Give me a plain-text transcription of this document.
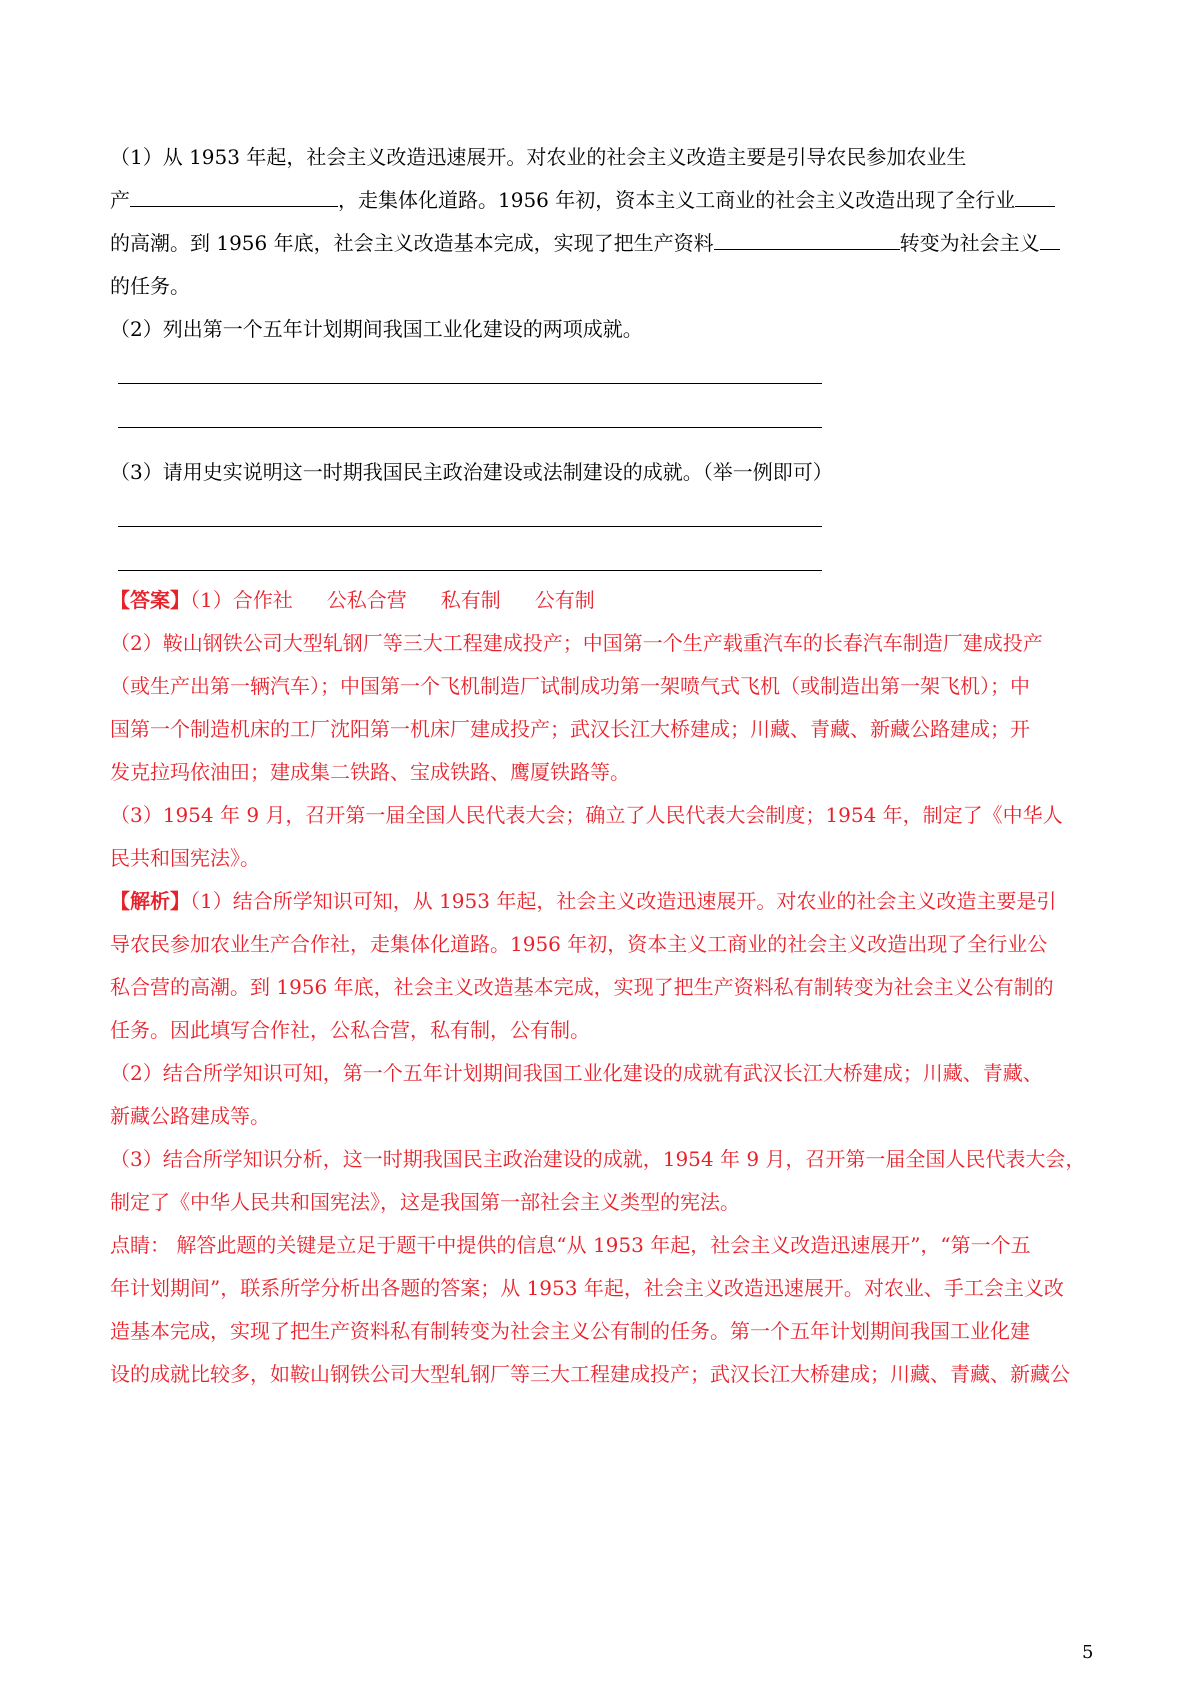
（1）从 1953 年起，社会主义改造迅速展开。对农业的社会主义改造主要是引导农民参加农业生
产	，走集体化道路。1956 年初，资本主义工商业的社会主义改造出现了全行业
的高潮。到 1956 年底，社会主义改造基本完成，实现了把生产资料	转变为社会主义
的任务。
（2）列出第一个五年计划期间我国工业化建设的两项成就。
（3）请用史实说明这一时期我国民主政治建设或法制建设的成就。（举一例即可）
【答案】（1）合作社 公私合营 私有制 公有制
（2）鞍山钢铁公司大型轧钢厂等三大工程建成投产；中国第一个生产载重汽车的长春汽车制造厂建成投产
（或生产出第一辆汽车）；中国第一个飞机制造厂试制成功第一架喷气式飞机（或制造出第一架飞机）；中
国第一个制造机床的工厂沈阳第一机床厂建成投产；武汉长江大桥建成；川藏、青藏、新藏公路建成；开
发克拉玛依油田；建成集二铁路、宝成铁路、鹰厦铁路等。
（3）1954 年 9 月，召开第一届全国人民代表大会；确立了人民代表大会制度；1954 年，制定了《中华人
民共和国宪法》。
【解析】（1）结合所学知识可知，从 1953 年起，社会主义改造迅速展开。对农业的社会主义改造主要是引
导农民参加农业生产合作社，走集体化道路。1956 年初，资本主义工商业的社会主义改造出现了全行业公
私合营的高潮。到 1956 年底，社会主义改造基本完成，实现了把生产资料私有制转变为社会主义公有制的
任务。因此填写合作社，公私合营，私有制，公有制。
（2）结合所学知识可知，第一个五年计划期间我国工业化建设的成就有武汉长江大桥建成；川藏、青藏、
新藏公路建成等。
（3）结合所学知识分析，这一时期我国民主政治建设的成就，1954 年 9 月，召开第一届全国人民代表大会，
制定了《中华人民共和国宪法》，这是我国第一部社会主义类型的宪法。
点睛： 解答此题的关键是立足于题干中提供的信息“从 1953 年起，社会主义改造迅速展开”，“第一个五
年计划期间”，联系所学分析出各题的答案；从 1953 年起，社会主义改造迅速展开。对农业、手工会主义改
造基本完成，实现了把生产资料私有制转变为社会主义公有制的任务。第一个五年计划期间我国工业化建
设的成就比较多，如鞍山钢铁公司大型轧钢厂等三大工程建成投产；武汉长江大桥建成；川藏、青藏、新藏公
5
